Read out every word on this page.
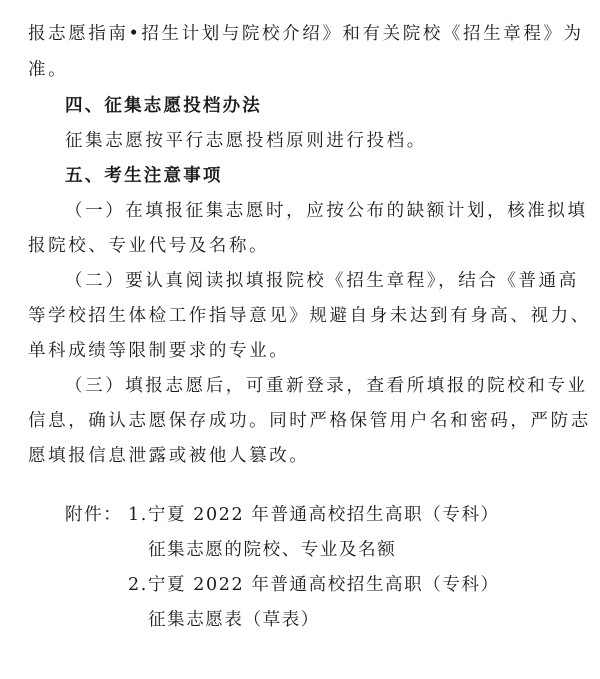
报志愿指南•招生计划与院校介绍》和有关院校《招生章程》为
准。
四、征集志愿投档办法
征集志愿按平行志愿投档原则进行投档。
五、考生注意事项
（一）在填报征集志愿时，应按公布的缺额计划，核准拟填
报院校、专业代号及名称。
（二）要认真阅读拟填报院校《招生章程》，结合《普通高
等学校招生体检工作指导意见》规避自身未达到有身高、视力、
单科成绩等限制要求的专业。
（三）填报志愿后，可重新登录，查看所填报的院校和专业
信息，确认志愿保存成功。同时严格保管用户名和密码，严防志
愿填报信息泄露或被他人篡改。
附件： 1.宁夏 2022 年普通高校招生高职（专科）
征集志愿的院校、专业及名额
2.宁夏 2022 年普通高校招生高职（专科）
征集志愿表（草表）
